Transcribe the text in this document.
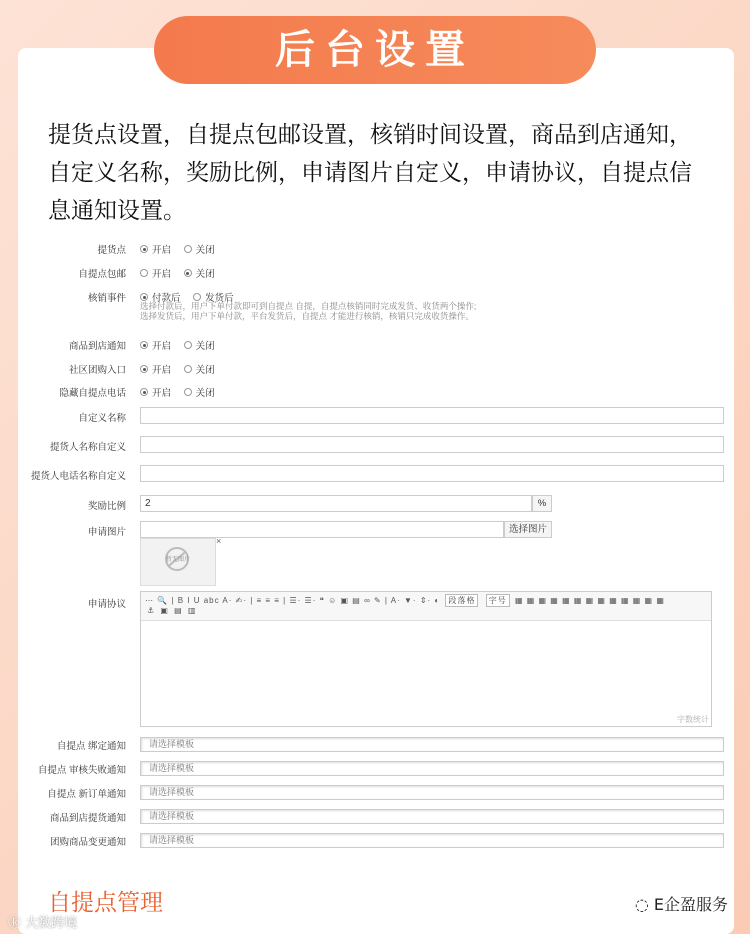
后台设置
提货点设置，自提点包邮设置，核销时间设置，商品到店通知，自定义名称，奖励比例，申请图片自定义，申请协议，自提点信息通知设置。
提货点	开启	关闭
自提点包邮	开启	关闭
核销事件	付款后	发货后
选择付款后，用户下单付款即可到自提点 自提，自提点核销同时完成发货、收货两个操作;
选择发货后，用户下单付款，平台发货后，自提点 才能进行核销，核销只完成收货操作。
商品到店通知	开启	关闭
社区团购入口	开启	关闭
隐藏自提点电话	开启	关闭
自定义名称
提货人名称自定义
提货人电话名称自定义
奖励比例	2	%
申请图片	选择图片
暂无图片
×
申请协议 ⋯ 🔍 | B I U abc A· ✍· | ≡ ≡ ≡ | ☰· ☰· ❝ ☺ ▣ ▤ ∞ ✎ | A· ▼· ⇕· ◐ 段落格 字号 ▦ ▦ ▦ ▦ ▦ ▦ ▦ ▦ ▦ ▦ ▦ ▦ ▦
⚓ ▣ ▤ ▥
字数统计
自提点 绑定通知	请选择模板
自提点 审核失败通知	请选择模板
自提点 新订单通知	请选择模板
商品到店提货通知	请选择模板
团购商品变更通知	请选择模板
自提点管理	◌ E企盈服务
ⓚ 大数跨境
